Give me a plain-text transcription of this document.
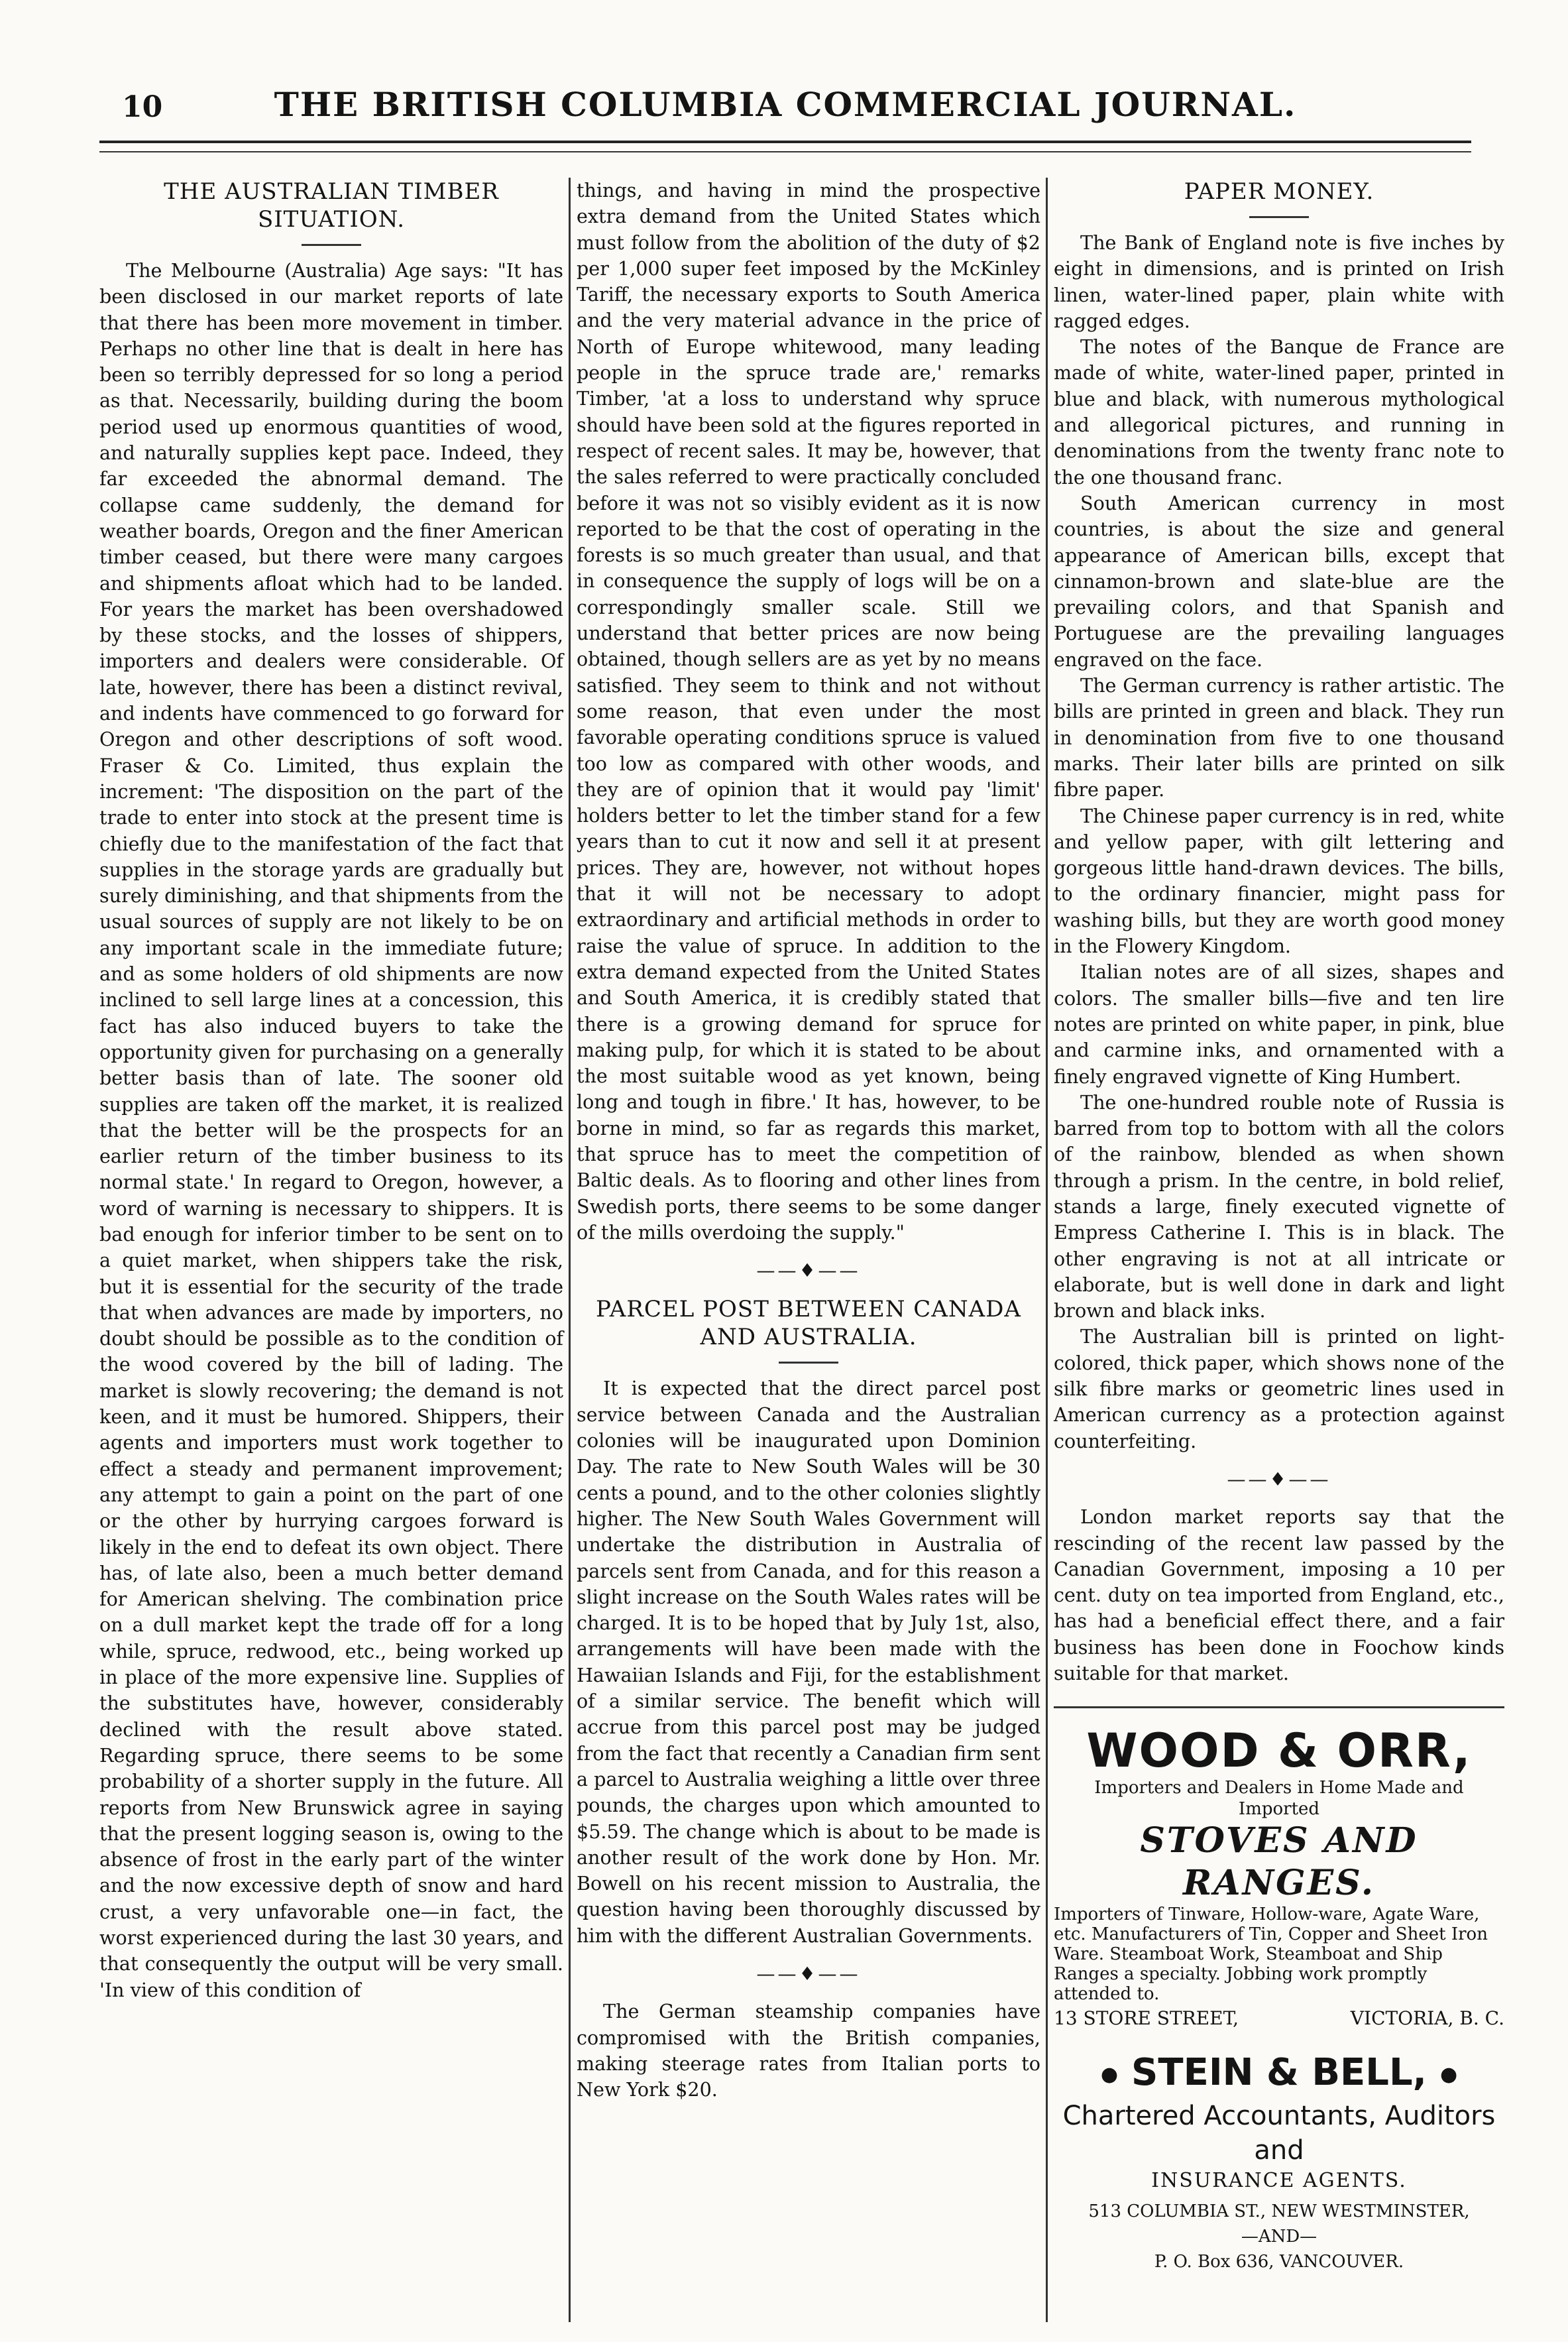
10	THE BRITISH COLUMBIA COMMERCIAL JOURNAL.
THE AUSTRALIAN TIMBER SITUATION.

The Melbourne (Australia) Age says: "It has been disclosed in our market reports of late that there has been more movement in timber. Perhaps no other line that is dealt in here has been so terribly depressed for so long a period as that. Necessarily, building during the boom period used up enormous quantities of wood, and naturally supplies kept pace. Indeed, they far exceeded the abnormal demand. The collapse came suddenly, the demand for weather boards, Oregon and the finer American timber ceased, but there were many cargoes and shipments afloat which had to be landed. For years the market has been overshadowed by these stocks, and the losses of shippers, importers and dealers were considerable. Of late, however, there has been a distinct revival, and indents have commenced to go forward for Oregon and other descriptions of soft wood. Fraser & Co. Limited, thus explain the increment: 'The disposition on the part of the trade to enter into stock at the present time is chiefly due to the manifestation of the fact that supplies in the storage yards are gradually but surely diminishing, and that shipments from the usual sources of supply are not likely to be on any important scale in the immediate future; and as some holders of old shipments are now inclined to sell large lines at a concession, this fact has also induced buyers to take the opportunity given for purchasing on a generally better basis than of late. The sooner old supplies are taken off the market, it is realized that the better will be the prospects for an earlier return of the timber business to its normal state.' In regard to Oregon, however, a word of warning is necessary to shippers. It is bad enough for inferior timber to be sent on to a quiet market, when shippers take the risk, but it is essential for the security of the trade that when advances are made by importers, no doubt should be possible as to the condition of the wood covered by the bill of lading. The market is slowly recovering; the demand is not keen, and it must be humored. Shippers, their agents and importers must work together to effect a steady and permanent improvement; any attempt to gain a point on the part of one or the other by hurrying cargoes forward is likely in the end to defeat its own object. There has, of late also, been a much better demand for American shelving. The combination price on a dull market kept the trade off for a long while, spruce, redwood, etc., being worked up in place of the more expensive line. Supplies of the substitutes have, however, considerably declined with the result above stated. Regarding spruce, there seems to be some probability of a shorter supply in the future. All reports from New Brunswick agree in saying that the present logging season is, owing to the absence of frost in the early part of the winter and the now excessive depth of snow and hard crust, a very unfavorable one—in fact, the worst experienced during the last 30 years, and that consequently the output will be very small. 'In view of this condition of

things, and having in mind the prospective extra demand from the United States which must follow from the abolition of the duty of $2 per 1,000 super feet imposed by the McKinley Tariff, the necessary exports to South America and the very material advance in the price of North of Europe whitewood, many leading people in the spruce trade are,' remarks Timber, 'at a loss to understand why spruce should have been sold at the figures reported in respect of recent sales. It may be, however, that the sales referred to were practically concluded before it was not so visibly evident as it is now reported to be that the cost of operating in the forests is so much greater than usual, and that in consequence the supply of logs will be on a correspondingly smaller scale. Still we understand that better prices are now being obtained, though sellers are as yet by no means satisfied. They seem to think and not without some reason, that even under the most favorable operating conditions spruce is valued too low as compared with other woods, and they are of opinion that it would pay 'limit' holders better to let the timber stand for a few years than to cut it now and sell it at present prices. They are, however, not without hopes that it will not be necessary to adopt extraordinary and artificial methods in order to raise the value of spruce. In addition to the extra demand expected from the United States and South America, it is credibly stated that there is a growing demand for spruce for making pulp, for which it is stated to be about the most suitable wood as yet known, being long and tough in fibre.' It has, however, to be borne in mind, so far as regards this market, that spruce has to meet the competition of Baltic deals. As to flooring and other lines from Swedish ports, there seems to be some danger of the mills overdoing the supply."

——♦——
PARCEL POST BETWEEN CANADA AND AUSTRALIA.

It is expected that the direct parcel post service between Canada and the Australian colonies will be inaugurated upon Dominion Day. The rate to New South Wales will be 30 cents a pound, and to the other colonies slightly higher. The New South Wales Government will undertake the distribution in Australia of parcels sent from Canada, and for this reason a slight increase on the South Wales rates will be charged. It is to be hoped that by July 1st, also, arrangements will have been made with the Hawaiian Islands and Fiji, for the establishment of a similar service. The benefit which will accrue from this parcel post may be judged from the fact that recently a Canadian firm sent a parcel to Australia weighing a little over three pounds, the charges upon which amounted to $5.59. The change which is about to be made is another result of the work done by Hon. Mr. Bowell on his recent mission to Australia, the question having been thoroughly discussed by him with the different Australian Governments.

——♦——

The German steamship companies have compromised with the British companies, making steerage rates from Italian ports to New York $20.

PAPER MONEY.

The Bank of England note is five inches by eight in dimensions, and is printed on Irish linen, water-lined paper, plain white with ragged edges.

The notes of the Banque de France are made of white, water-lined paper, printed in blue and black, with numerous mythological and allegorical pictures, and running in denominations from the twenty franc note to the one thousand franc.

South American currency in most countries, is about the size and general appearance of American bills, except that cinnamon-brown and slate-blue are the prevailing colors, and that Spanish and Portuguese are the prevailing languages engraved on the face.

The German currency is rather artistic. The bills are printed in green and black. They run in denomination from five to one thousand marks. Their later bills are printed on silk fibre paper.

The Chinese paper currency is in red, white and yellow paper, with gilt lettering and gorgeous little hand-drawn devices. The bills, to the ordinary financier, might pass for washing bills, but they are worth good money in the Flowery Kingdom.

Italian notes are of all sizes, shapes and colors. The smaller bills—five and ten lire notes are printed on white paper, in pink, blue and carmine inks, and ornamented with a finely engraved vignette of King Humbert.

The one-hundred rouble note of Russia is barred from top to bottom with all the colors of the rainbow, blended as when shown through a prism. In the centre, in bold relief, stands a large, finely executed vignette of Empress Catherine I. This is in black. The other engraving is not at all intricate or elaborate, but is well done in dark and light brown and black inks.

The Australian bill is printed on light-colored, thick paper, which shows none of the silk fibre marks or geometric lines used in American currency as a protection against counterfeiting.

——♦——

London market reports say that the rescinding of the recent law passed by the Canadian Government, imposing a 10 per cent. duty on tea imported from England, etc., has had a beneficial effect there, and a fair business has been done in Foochow kinds suitable for that market.

WOOD & ORR,
Importers and Dealers in Home Made and Imported
STOVES AND RANGES.
Importers of Tinware, Hollow-ware, Agate Ware, etc. Manufacturers of Tin, Copper and Sheet Iron Ware. Steamboat Work, Steamboat and Ship Ranges a specialty. Jobbing work promptly attended to.
13 STORE STREET,	VICTORIA, B. C.
● STEIN & BELL, ●
Chartered Accountants, Auditors and
INSURANCE AGENTS.
513 COLUMBIA ST., NEW WESTMINSTER,
—AND—
P. O. Box 636, VANCOUVER.
